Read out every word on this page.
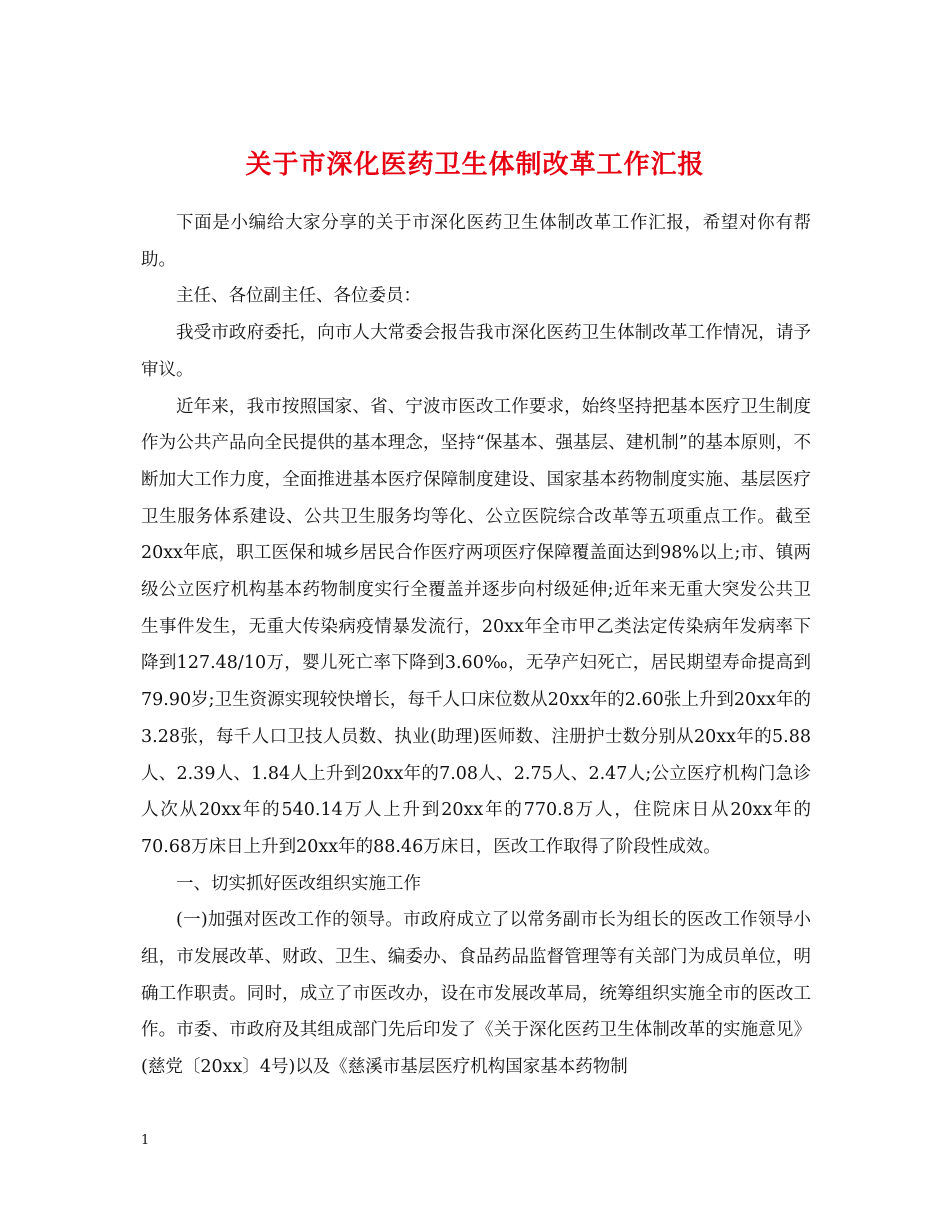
关于市深化医药卫生体制改革工作汇报

下面是小编给大家分享的关于市深化医药卫生体制改革工作汇报，希望对你有帮助。

主任、各位副主任、各位委员：

我受市政府委托，向市人大常委会报告我市深化医药卫生体制改革工作情况，请予审议。

近年来，我市按照国家、省、宁波市医改工作要求，始终坚持把基本医疗卫生制度作为公共产品向全民提供的基本理念，坚持“保基本、强基层、建机制”的基本原则，不断加大工作力度，全面推进基本医疗保障制度建设、国家基本药物制度实施、基层医疗卫生服务体系建设、公共卫生服务均等化、公立医院综合改革等五项重点工作。截至20xx年底，职工医保和城乡居民合作医疗两项医疗保障覆盖面达到98%以上;市、镇两级公立医疗机构基本药物制度实行全覆盖并逐步向村级延伸;近年来无重大突发公共卫生事件发生，无重大传染病疫情暴发流行，20xx年全市甲乙类法定传染病年发病率下降到127.48/10万，婴儿死亡率下降到3.60‰，无孕产妇死亡，居民期望寿命提高到79.90岁;卫生资源实现较快增长，每千人口床位数从20xx年的2.60张上升到20xx年的3.28张，每千人口卫技人员数、执业(助理)医师数、注册护士数分别从20xx年的5.88人、2.39人、1.84人上升到20xx年的7.08人、2.75人、2.47人;公立医疗机构门急诊人次从20xx年的540.14万人上升到20xx年的770.8万人，住院床日从20xx年的70.68万床日上升到20xx年的88.46万床日，医改工作取得了阶段性成效。

一、切实抓好医改组织实施工作

(一)加强对医改工作的领导。市政府成立了以常务副市长为组长的医改工作领导小组，市发展改革、财政、卫生、编委办、食品药品监督管理等有关部门为成员单位，明确工作职责。同时，成立了市医改办，设在市发展改革局，统筹组织实施全市的医改工作。市委、市政府及其组成部门先后印发了《关于深化医药卫生体制改革的实施意见》(慈党〔20xx〕4号)以及《慈溪市基层医疗机构国家基本药物制

1
